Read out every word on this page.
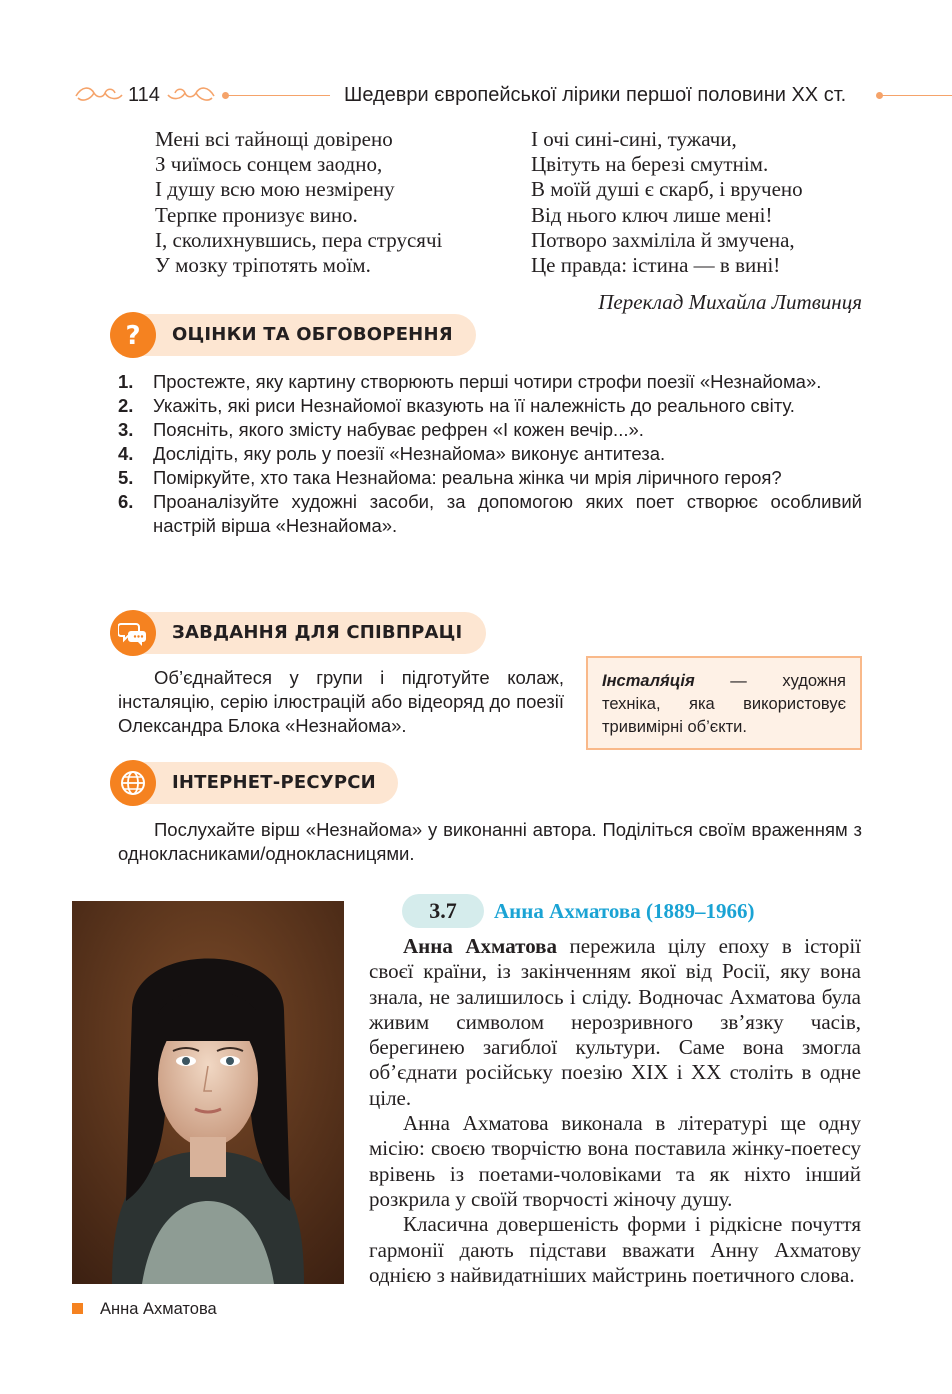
114	Шедеври європейської лірики першої половини ХХ ст.
Мені всі тайнощі довірено
З чиїмось сонцем заодно,
І душу всю мою незмірену
Терпке пронизує вино.
І, сколихнувшись, пера струсячі
У мозку тріпотять моїм.
І очі сині-сині, тужачи,
Цвітуть на березі смутнім.
В моїй душі є скарб, і вручено
Від нього ключ лише мені!
Потворо захміліла й змучена,
Це правда: істина — в вині!
Переклад Михайла Литвинця
? ОЦІНКИ ТА ОБГОВОРЕННЯ
1. Простежте, яку картину створюють перші чотири строфи поезії «Незнайома».
2. Укажіть, які риси Незнайомої вказують на її належність до реального світу.
3. Поясніть, якого змісту набуває рефрен «І кожен вечір...».
4. Дослідіть, яку роль у поезії «Незнайома» виконує антитеза.
5. Поміркуйте, хто така Незнайома: реальна жінка чи мрія ліричного героя?
6. Проаналізуйте художні засоби, за допомогою яких поет створює особливий настрій вірша «Незнайома».
ЗАВДАННЯ ДЛЯ СПІВПРАЦІ
Об’єднайтеся у групи і підготуйте колаж, інсталяцію, серію ілюстрацій або відеоряд до поезії Олександра Блока «Незнайома».
Інсталя́ція — художня техніка, яка використовує тривимірні об’єкти.
ІНТЕРНЕТ-РЕСУРСИ
Послухайте вірш «Незнайома» у виконанні автора. Поділіться своїм враженням з однокласниками/однокласницями.
Анна Ахматова
3.7	Анна Ахматова (1889–1966)

Анна Ахматова пережила цілу епоху в історії своєї країни, із закінченням якої від Росії, яку вона знала, не залишилось і сліду. Водночас Ахматова була живим символом нерозривного зв’язку часів, берегинею загиблої культури. Саме вона змогла об’єднати російську поезію XIX і XX століть в одне ціле.

Анна Ахматова виконала в літературі ще одну місію: своєю творчістю вона поставила жінку-поетесу врівень із поетами-чоловіками та як ніхто інший розкрила у своїй творчості жіночу душу.

Класична довершеність форми і рідкісне почуття гармонії дають підстави вважати Анну Ахматову однією з найвидатніших майстринь поетичного слова.
